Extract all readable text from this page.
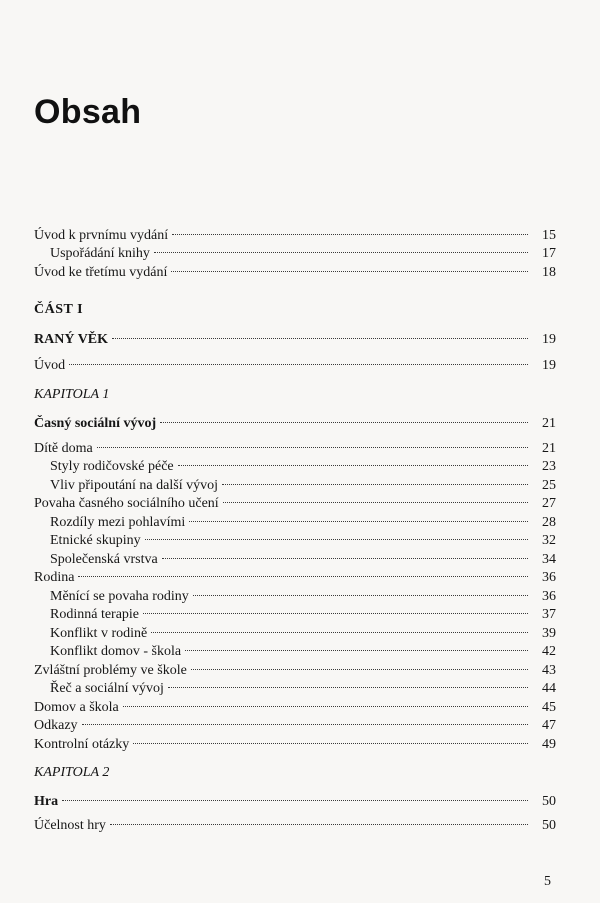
Obsah
Úvod k prvnímu vydání	15
Uspořádání knihy	17
Úvod ke třetímu vydání	18
ČÁST I
RANÝ VĚK	19
Úvod	19
KAPITOLA 1
Časný sociální vývoj	21
Dítě doma	21
Styly rodičovské péče	23
Vliv připoutání na další vývoj	25
Povaha časného sociálního učení	27
Rozdíly mezi pohlavími	28
Etnické skupiny	32
Společenská vrstva	34
Rodina	36
Měnící se povaha rodiny	36
Rodinná terapie	37
Konflikt v rodině	39
Konflikt domov - škola	42
Zvláštní problémy ve škole	43
Řeč a sociální vývoj	44
Domov a škola	45
Odkazy	47
Kontrolní otázky	49
KAPITOLA 2
Hra	50
Účelnost hry	50
5
